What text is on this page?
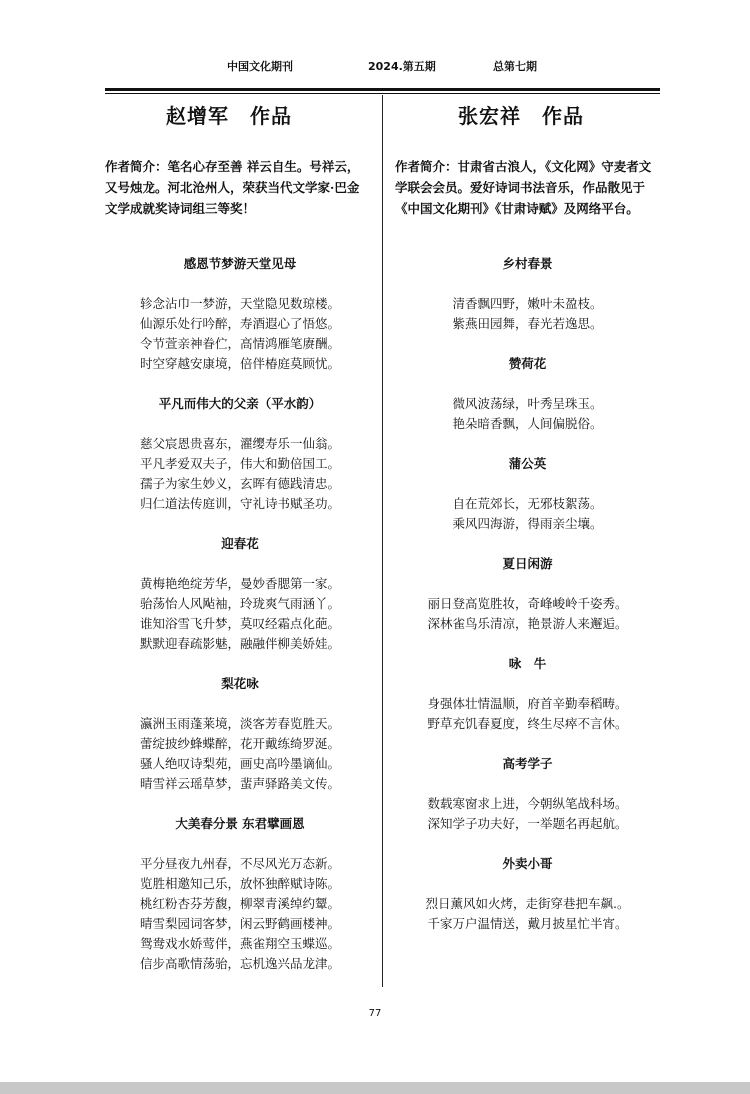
中国文化期刊	2024.第五期	总第七期
赵增军　作品	张宏祥　作品
作者简介：笔名心存至善 祥云自生。号祥云，又号烛龙。河北沧州人，荣获当代文学家·巴金文学成就奖诗词组三等奖！
作者简介：甘肃省古浪人，《文化网》守麦者文学联会会员。爱好诗词书法音乐，作品散见于《中国文化期刊》《甘肃诗赋》及网络平台。
感恩节梦游天堂见母
轸念沾巾一梦游，天堂隐见数琼楼。
仙源乐处行吟醉，寿酒遐心了悟悠。
令节萱亲神眷伫，高情鸿雁笔赓酬。
时空穿越安康境，倍伴椿庭莫顾忧。
平凡而伟大的父亲（平水韵）
慈父宸恩贵喜东，濯缨寿乐一仙翁。
平凡孝爱双夫子，伟大和勤倍国工。
孺子为家生妙义，玄晖有德践清忠。
归仁道法传庭训，守礼诗书赋圣功。
迎春花
黄梅艳绝绽芳华，曼妙香腮第一家。
骀荡怡人风飐袖，玲珑爽气雨涵丫。
谁知浴雪飞升梦，莫叹经霜点化葩。
默默迎春疏影魅，融融伴柳美娇娃。
梨花咏
瀛洲玉雨蓬莱境，淡客芳春览胜天。
蕾绽披纱蜂蝶醉，花开戴练绮罗涎。
骚人绝叹诗梨苑，画史高吟墨谪仙。
晴雪祥云瑶草梦，蜚声驿路美文传。
大美春分景 东君擘画恩
平分昼夜九州春，不尽风光万态新。
览胜相邀知己乐，放怀独醉赋诗陈。
桃红粉杏芬芳馥，柳翠青溪绰约颦。
晴雪梨园词客梦，闲云野鹤画楼神。
鸳鸯戏水娇莺伴，燕雀翔空玉蝶巡。
信步高歌情荡骀，忘机逸兴品龙津。
乡村春景
清香飘四野，嫩叶未盈枝。
紫燕田园舞，春光若逸思。
赞荷花
微风波荡绿，叶秀呈珠玉。
艳朵暗香飘，人间偏脱俗。
蒲公英
自在荒郊长，无邪枝絮荡。
乘风四海游，得雨亲尘壤。
夏日闲游
丽日登高览胜妆，奇峰峻岭千姿秀。
深林雀鸟乐清凉，艳景游人来邂逅。
咏　牛
身强体壮情温顺，府首辛勤奉稻畴。
野草充饥春夏度，终生尽瘁不言休。
高考学子
数载寒窗求上进，今朝纵笔战科场。
深知学子功夫好，一举题名再起航。
外卖小哥
烈日薰风如火烤，走街穿巷把车飙.。
千家万户温情送，戴月披星忙半宵。
77
